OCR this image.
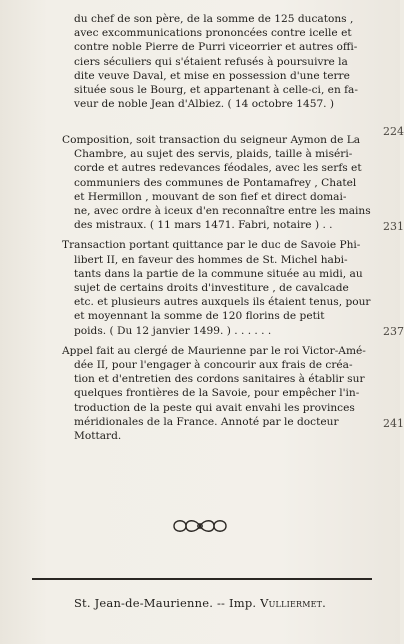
du chef de son père, de la somme de 125 ducatons ,
avec excommunications prononcées contre icelle et
contre noble Pierre de Purri viceorrier et autres offi-
ciers séculiers qui s'étaient refusés à poursuivre la
dite veuve Daval, et mise en possession d'une terre
située sous le Bourg, et appartenant à celle-ci, en fa-
veur de noble Jean d'Albiez. ( 14 octobre 1457. )
224
Composition, soit transaction du seigneur Aymon de La
Chambre, au sujet des servis, plaids, taille à miséri-
corde et autres redevances féodales, avec les serfs et
communiers des communes de Pontamafrey , Chatel
et Hermillon , mouvant de son fief et direct domai-
ne, avec ordre à iceux d'en reconnaître entre les mains
des mistraux. ( 11 mars 1471. Fabri, notaire ) . .	231
Transaction portant quittance par le duc de Savoie Phi-
libert II, en faveur des hommes de St. Michel habi-
tants dans la partie de la commune située au midi, au
sujet de certains droits d'investiture , de cavalcade
etc. et plusieurs autres auxquels ils étaient tenus, pour
et moyennant la somme de 120 florins de petit
poids. ( Du 12 janvier 1499. ) . . . . . .	237
Appel fait au clergé de Maurienne par le roi Victor-Amé-
dée II, pour l'engager à concourir aux frais de créa-
tion et d'entretien des cordons sanitaires à établir sur
quelques frontières de la Savoie, pour empêcher l'in-
troduction de la peste qui avait envahi les provinces
méridionales de la France. Annoté par le docteur
Mottard.
241
St. Jean-de-Maurienne. -- Imp. Vulliermet.
